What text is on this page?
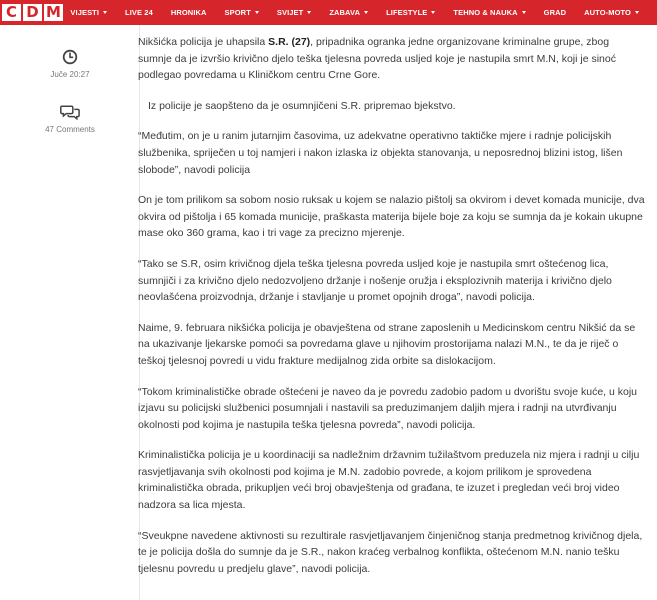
C D M VIJESTI	LIVE 24 HRONIKA SPORT	SVIJET	ZABAVA	LIFESTYLE	TEHNO & NAUKA	GRAD AUTO-MOTO
Juče 20:27
47 Comments

Nikšićka policija je uhapsila S.R. (27), pripadnika ogranka jedne organizovane kriminalne grupe, zbog sumnje da je izvršio krivično djelo teška tjelesna povreda usljed koje je nastupila smrt M.N, koji je sinoć podlegao povredama u Kliničkom centru Crne Gore.

Iz policije je saopšteno da je osumnjičeni S.R. pripremao bjekstvo.

“Međutim, on je u ranim jutarnjim časovima, uz adekvatne operativno taktičke mjere i radnje policijskih službenika, spriječen u toj namjeri i nakon izlaska iz objekta stanovanja, u neposrednoj blizini istog, lišen slobode”, navodi policija

On je tom prilikom sa sobom nosio ruksak u kojem se nalazio pištolj sa okvirom i devet komada municije, dva okvira od pištolja i 65 komada municije, praškasta materija bijele boje za koju se sumnja da je kokain ukupne mase oko 360 grama, kao i tri vage za precizno mjerenje.

“Tako se S.R, osim krivičnog djela teška tjelesna povreda usljed koje je nastupila smrt oštećenog lica, sumnjiči i za krivično djelo nedozvoljeno držanje i nošenje oružja i eksplozivnih materija i krivično djelo neovlašćena proizvodnja, držanje i stavljanje u promet opojnih droga”, navodi policija.

Naime, 9. februara nikšićka policija je obavještena od strane zaposlenih u Medicinskom centru Nikšić da se na ukazivanje ljekarske pomoći sa povredama glave u njihovim prostorijama nalazi M.N., te da je riječ o teškoj tjelesnoj povredi u vidu frakture medijalnog zida orbite sa dislokacijom.

“Tokom kriminalističke obrade oštećeni je naveo da je povredu zadobio padom u dvorištu svoje kuće, u koju izjavu su policijski službenici posumnjali i nastavili sa preduzimanjem daljih mjera i radnji na utvrđivanju okolnosti pod kojima je nastupila teška tjelesna povreda”, navodi policija.

Kriminalistička policija je u koordinaciji sa nadležnim državnim tužilaštvom preduzela niz mjera i radnji u cilju rasvjetljavanja svih okolnosti pod kojima je M.N. zadobio povrede, a kojom prilikom je sprovedena kriminalistička obrada, prikupljen veći broj obavještenja od građana, te izuzet i pregledan veći broj video nadzora sa lica mjesta.

“Sveukpne navedene aktivnosti su rezultirale rasvjetljavanjem činjeničnog stanja predmetnog krivičnog djela, te je policija došla do sumnje da je S.R., nakon kraćeg verbalnog konflikta, oštećenom M.N. nanio tešku tjelesnu povredu u predjelu glave”, navodi policija.
